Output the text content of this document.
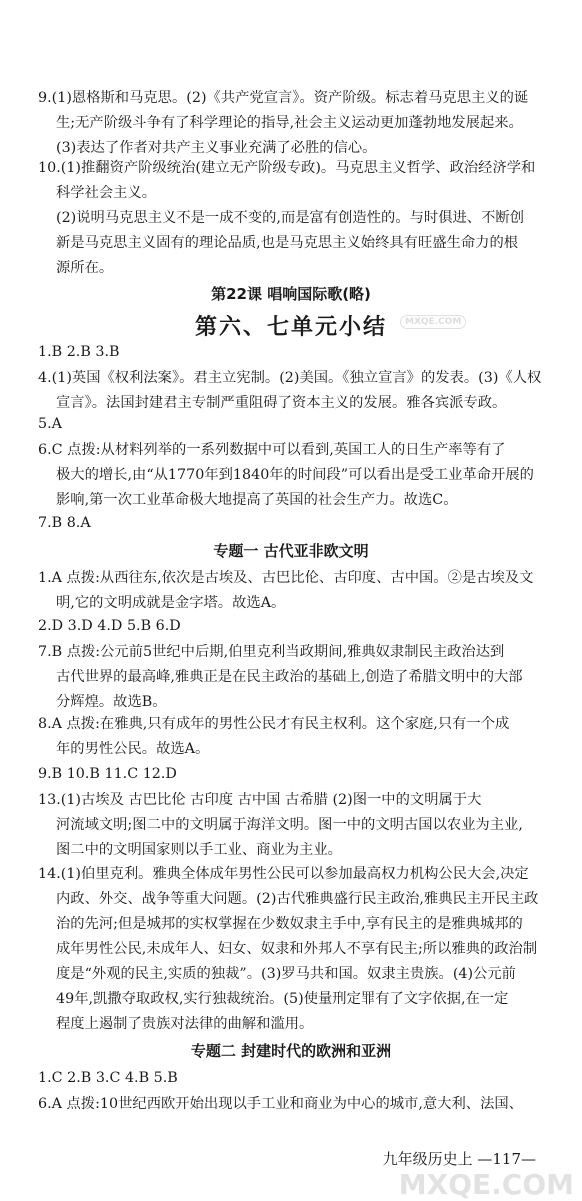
9.(1)恩格斯和马克思。(2)《共产党宣言》。资产阶级。标志着马克思主义的诞
生;无产阶级斗争有了科学理论的指导,社会主义运动更加蓬勃地发展起来。
(3)表达了作者对共产主义事业充满了必胜的信心。
10.(1)推翻资产阶级统治(建立无产阶级专政)。马克思主义哲学、政治经济学和
科学社会主义。
(2)说明马克思主义不是一成不变的,而是富有创造性的。与时俱进、不断创
新是马克思主义固有的理论品质,也是马克思主义始终具有旺盛生命力的根
源所在。
第22课 唱响国际歌(略)
第六、七单元小结
1.B 2.B 3.B
4.(1)英国《权利法案》。君主立宪制。(2)美国。《独立宣言》的发表。(3)《人权
宣言》。法国封建君主专制严重阻碍了资本主义的发展。雅各宾派专政。
5.A
6.C 点拨:从材料列举的一系列数据中可以看到,英国工人的日生产率等有了
极大的增长,由“从1770年到1840年的时间段”可以看出是受工业革命开展的
影响,第一次工业革命极大地提高了英国的社会生产力。故选C。
7.B 8.A
专题一 古代亚非欧文明
1.A 点拨:从西往东,依次是古埃及、古巴比伦、古印度、古中国。②是古埃及文
明,它的文明成就是金字塔。故选A。
2.D 3.D 4.D 5.B 6.D
7.B 点拨:公元前5世纪中后期,伯里克利当政期间,雅典奴隶制民主政治达到
古代世界的最高峰,雅典正是在民主政治的基础上,创造了希腊文明中的大部
分辉煌。故选B。
8.A 点拨:在雅典,只有成年的男性公民才有民主权利。这个家庭,只有一个成
年的男性公民。故选A。
9.B 10.B 11.C 12.D
13.(1)古埃及 古巴比伦 古印度 古中国 古希腊 (2)图一中的文明属于大
河流域文明;图二中的文明属于海洋文明。图一中的文明古国以农业为主业,
图二中的文明国家则以手工业、商业为主业。
14.(1)伯里克利。雅典全体成年男性公民可以参加最高权力机构公民大会,决定
内政、外交、战争等重大问题。(2)古代雅典盛行民主政治,雅典民主开民主政
治的先河;但是城邦的实权掌握在少数奴隶主手中,享有民主的是雅典城邦的
成年男性公民,未成年人、妇女、奴隶和外邦人不享有民主;所以雅典的政治制
度是“外观的民主,实质的独裁”。(3)罗马共和国。奴隶主贵族。(4)公元前
49年,凯撒夺取政权,实行独裁统治。(5)使量刑定罪有了文字依据,在一定
程度上遏制了贵族对法律的曲解和滥用。
专题二 封建时代的欧洲和亚洲
1.C 2.B 3.C 4.B 5.B
6.A 点拨:10世纪西欧开始出现以手工业和商业为中心的城市,意大利、法国、
九年级历史上 —117—
MXQE.COM
MXQE.COM
